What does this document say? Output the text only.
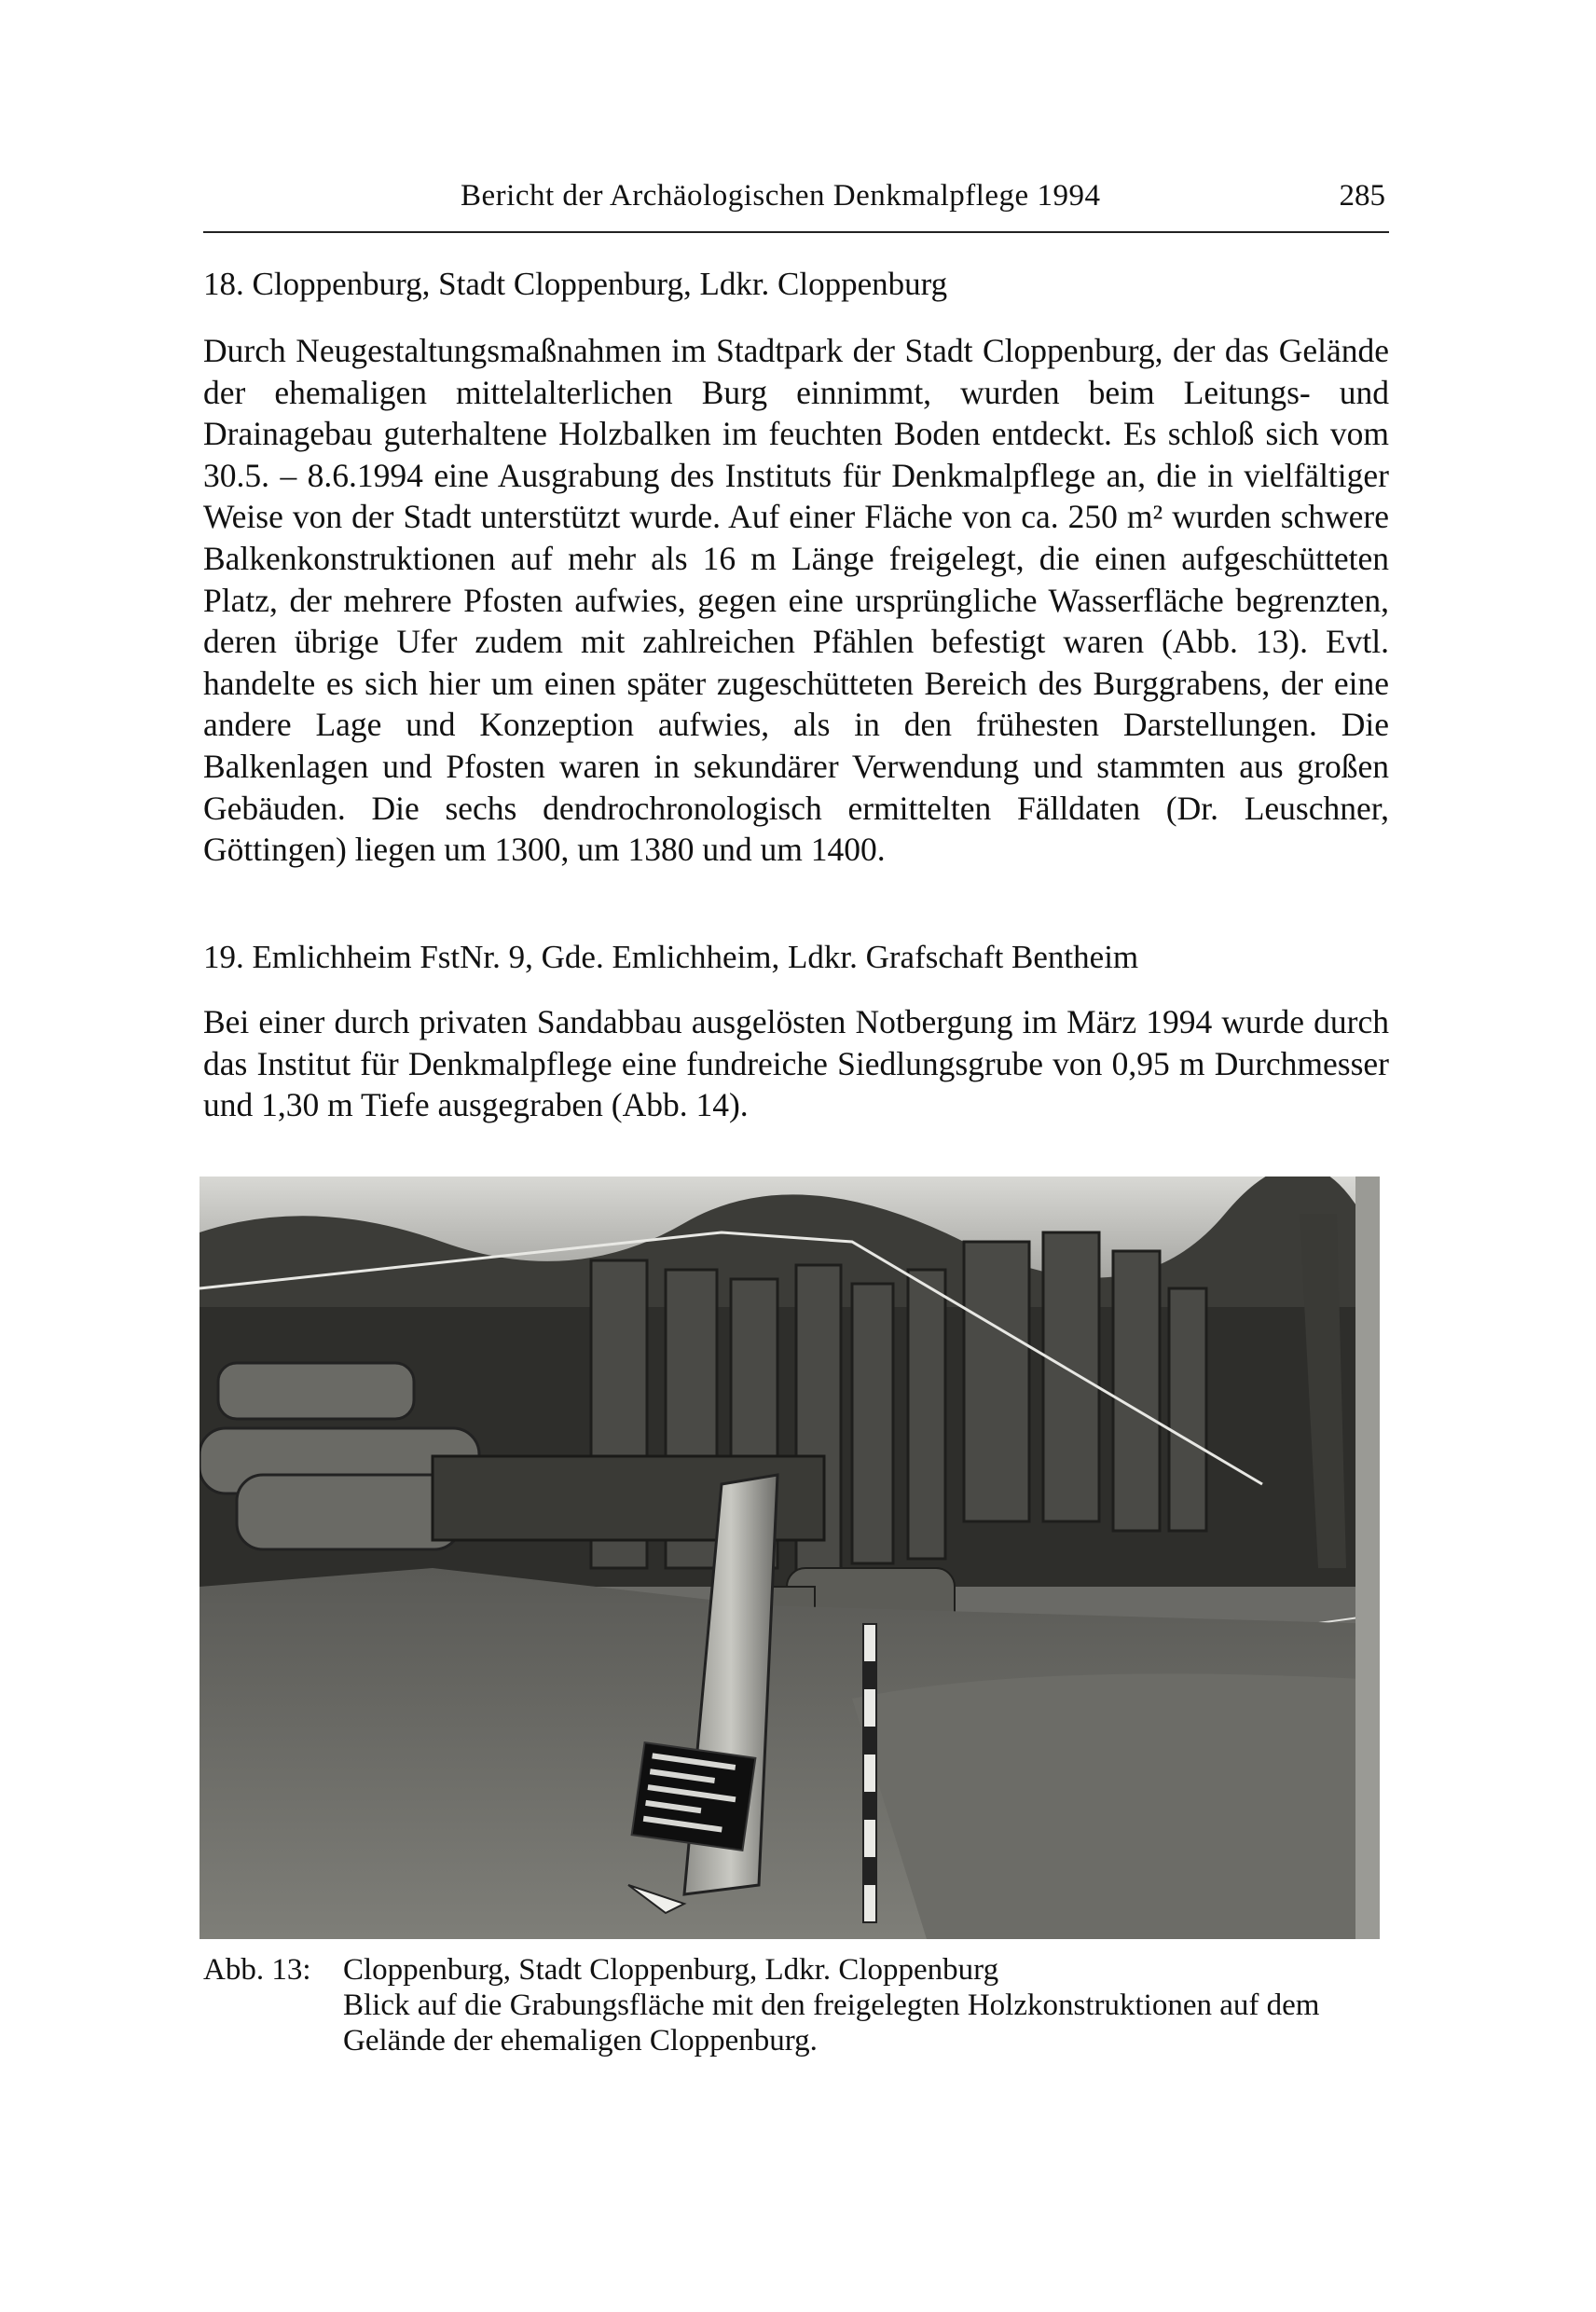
Bericht der Archäologischen Denkmalpflege 1994	285

18. Cloppenburg, Stadt Cloppenburg, Ldkr. Cloppenburg

Durch Neugestaltungsmaßnahmen im Stadtpark der Stadt Cloppenburg, der das Gelände der ehemaligen mittelalterlichen Burg einnimmt, wurden beim Leitungs- und Drainagebau guterhaltene Holzbalken im feuchten Boden entdeckt. Es schloß sich vom 30.5. – 8.6.1994 eine Ausgrabung des Instituts für Denkmalpflege an, die in vielfältiger Weise von der Stadt unterstützt wurde. Auf einer Fläche von ca. 250 m² wurden schwere Balkenkonstruktionen auf mehr als 16 m Länge freigelegt, die einen aufgeschütteten Platz, der mehrere Pfosten aufwies, gegen eine ursprüngliche Wasserfläche begrenzten, deren übrige Ufer zudem mit zahlreichen Pfählen befestigt waren (Abb. 13). Evtl. handelte es sich hier um einen später zugeschütteten Bereich des Burggrabens, der eine andere Lage und Konzeption aufwies, als in den frühesten Darstellungen. Die Balkenlagen und Pfosten waren in sekundärer Verwendung und stammten aus großen Gebäuden. Die sechs dendrochronologisch ermittelten Fälldaten (Dr. Leuschner, Göttingen) liegen um 1300, um 1380 und um 1400.

19. Emlichheim FstNr. 9, Gde. Emlichheim, Ldkr. Grafschaft Bentheim

Bei einer durch privaten Sandabbau ausgelösten Notbergung im März 1994 wurde durch das Institut für Denkmalpflege eine fundreiche Siedlungsgrube von 0,95 m Durchmesser und 1,30 m Tiefe ausgegraben (Abb. 14).

Abb. 13: Cloppenburg, Stadt Cloppenburg, Ldkr. Cloppenburg
Blick auf die Grabungsfläche mit den freigelegten Holzkonstruktionen auf dem
Gelände der ehemaligen Cloppenburg.
